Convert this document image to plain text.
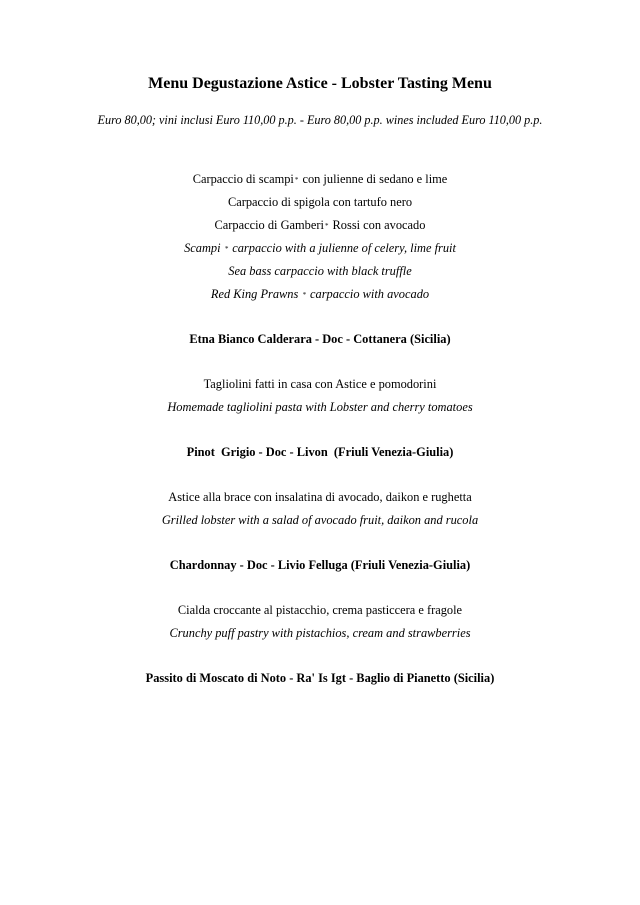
Menu Degustazione Astice - Lobster Tasting Menu
Euro 80,00; vini inclusi Euro 110,00 p.p. - Euro 80,00 p.p. wines included Euro 110,00 p.p.
Carpaccio di scampi* con julienne di sedano e lime
Carpaccio di spigola con tartufo nero
Carpaccio di Gamberi* Rossi con avocado
Scampi * carpaccio with a julienne of celery, lime fruit
Sea bass carpaccio with black truffle
Red King Prawns * carpaccio with avocado
Etna Bianco Calderara - Doc - Cottanera (Sicilia)
Tagliolini fatti in casa con Astice e pomodorini
Homemade tagliolini pasta with Lobster and cherry tomatoes
Pinot  Grigio - Doc - Livon  (Friuli Venezia-Giulia)
Astice alla brace con insalatina di avocado, daikon e rughetta
Grilled lobster with a salad of avocado fruit, daikon and rucola
Chardonnay - Doc - Livio Felluga (Friuli Venezia-Giulia)
Cialda croccante al pistacchio, crema pasticcera e fragole
Crunchy puff pastry with pistachios, cream and strawberries
Passito di Moscato di Noto - Ra' Is Igt - Baglio di Pianetto (Sicilia)
